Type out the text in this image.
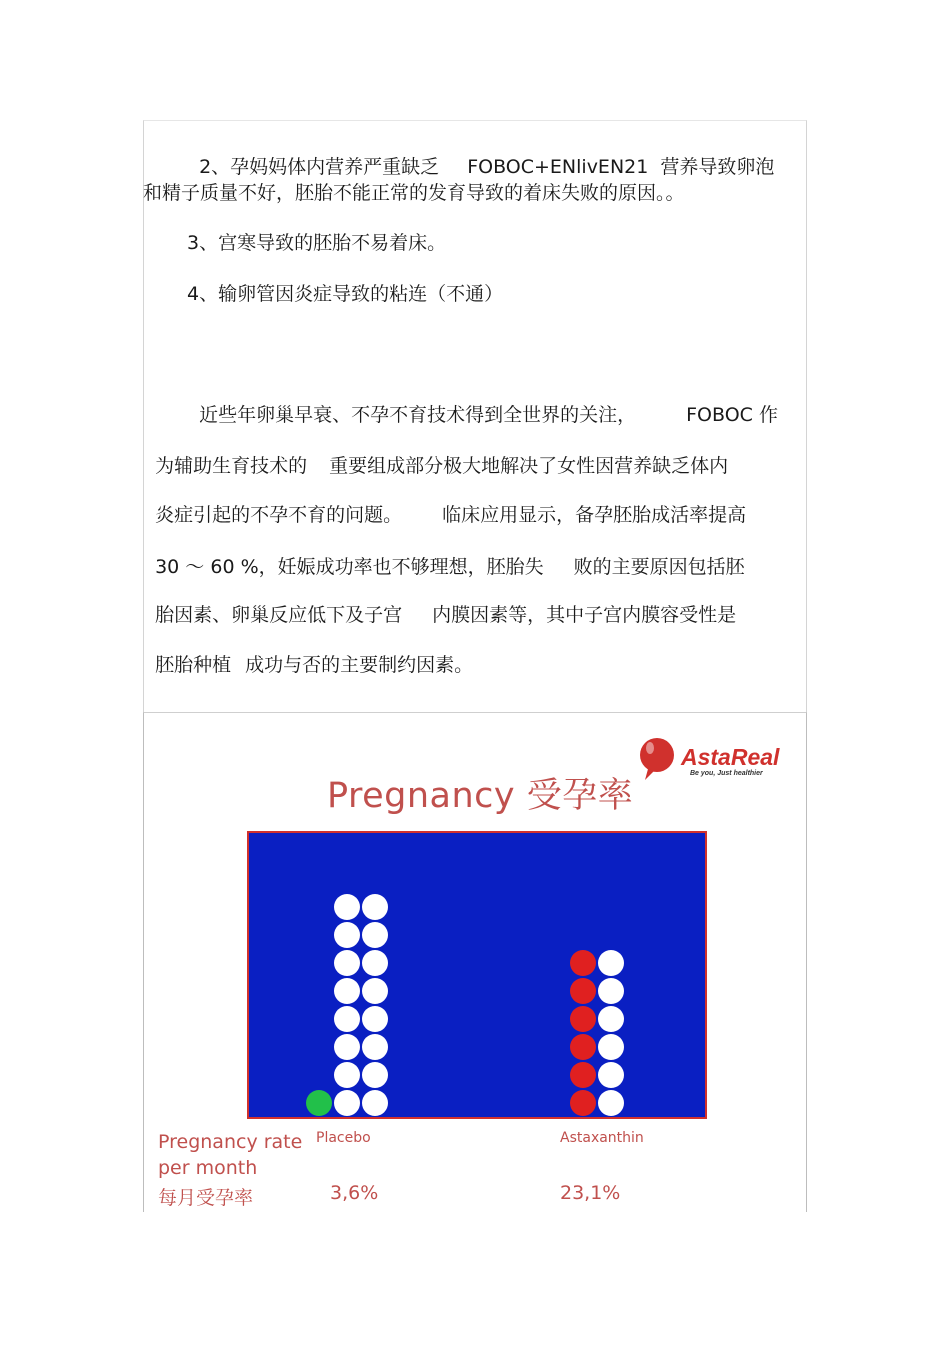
2、孕妈妈体内营养严重缺乏 FOBOC+ENlivEN21 营养导致卵泡

和精子质量不好，胚胎不能正常的发育导致的着床失败的原因。。
3、宫寒导致的胚胎不易着床。
4、输卵管因炎症导致的粘连（不通）

近些年卵巢早衰、不孕不育技术得到全世界的关注，	FOBOC 作

为辅助生育技术的 重要组成部分极大地解决了女性因营养缺乏体内

炎症引起的不孕不育的问题。 临床应用显示，备孕胚胎成活率提高

30 ～ 60 %，妊娠成功率也不够理想，胚胎失 败的主要原因包括胚

胎因素、卵巢反应低下及子宫 内膜因素等，其中子宫内膜容受性是

胚胎种植 成功与否的主要制约因素。

Pregnancy 受孕率
AstaReal
Be you, Just healthier
Pregnancy rate
per month
每月受孕率
Placebo	Astaxanthin
3,6%	23,1%
